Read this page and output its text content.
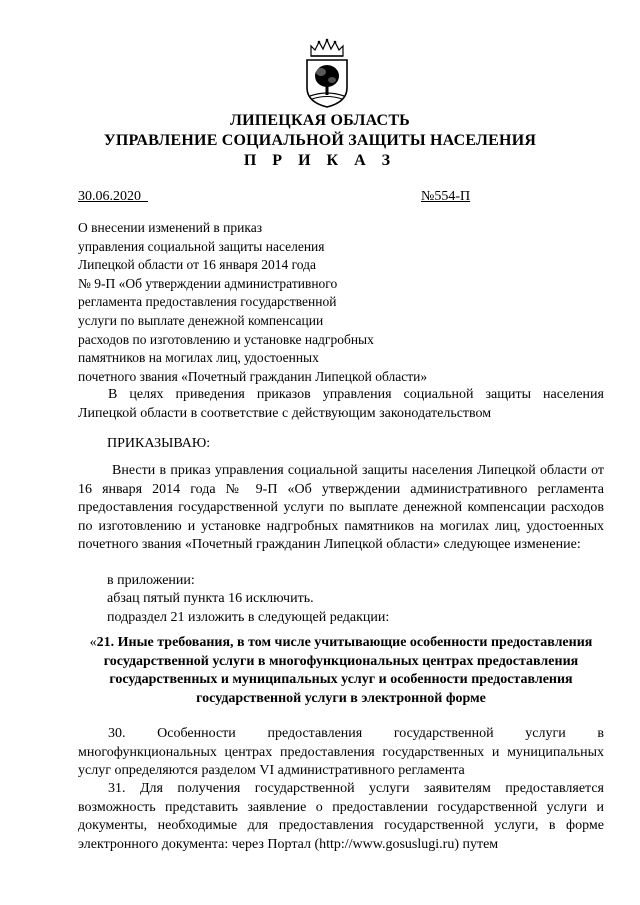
ЛИПЕЦКАЯ ОБЛАСТЬ
УПРАВЛЕНИЕ СОЦИАЛЬНОЙ ЗАЩИТЫ НАСЕЛЕНИЯ
П Р И К А З
30.06.2020	№554-П
О внесении изменений в приказ
управления социальной защиты населения
Липецкой области от 16 января 2014 года
№ 9-П «Об утверждении административного
регламента предоставления государственной
услуги по выплате денежной компенсации
расходов по изготовлению и установке надгробных
памятников на могилах лиц, удостоенных
почетного звания «Почетный гражданин Липецкой области»

В целях приведения приказов управления социальной защиты населения Липецкой области в соответствие с действующим законодательством

ПРИКАЗЫВАЮ:

Внести в приказ управления социальной защиты населения Липецкой области от 16 января 2014 года № 9-П «Об утверждении административного регламента предоставления государственной услуги по выплате денежной компенсации расходов по изготовлению и установке надгробных памятников на могилах лиц, удостоенных почетного звания «Почетный гражданин Липецкой области» следующее изменение:

в приложении:
абзац пятый пункта 16 исключить.
подраздел 21 изложить в следующей редакции:
«21. Иные требования, в том числе учитывающие особенности предоставления государственной услуги в многофункциональных центрах предоставления государственных и муниципальных услуг и особенности предоставления государственной услуги в электронной форме

30. Особенности предоставления государственной услуги в многофункциональных центрах предоставления государственных и муниципальных услуг определяются разделом VI административного регламента

31. Для получения государственной услуги заявителям предоставляется возможность представить заявление о предоставлении государственной услуги и документы, необходимые для предоставления государственной услуги, в форме электронного документа: через Портал (http://www.gosuslugi.ru) путем
